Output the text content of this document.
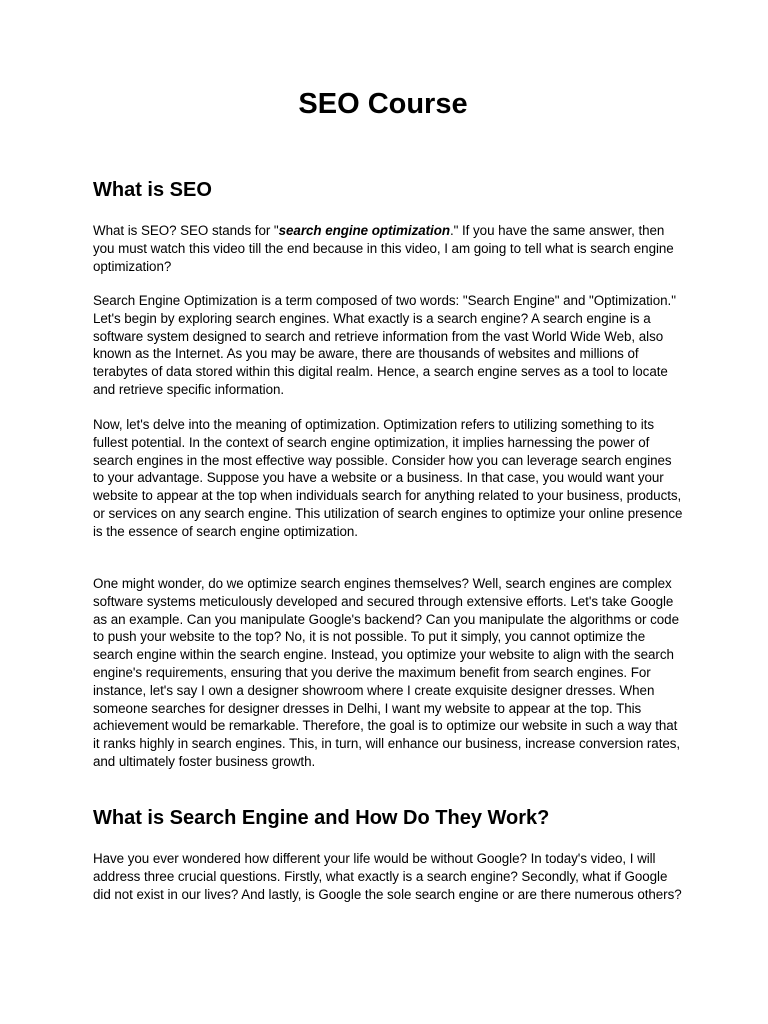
SEO Course
What is SEO

What is SEO? SEO stands for "search engine optimization." If you have the same answer, then you must watch this video till the end because in this video, I am going to tell what is search engine optimization?

Search Engine Optimization is a term composed of two words: "Search Engine" and "Optimization." Let's begin by exploring search engines. What exactly is a search engine? A search engine is a software system designed to search and retrieve information from the vast World Wide Web, also known as the Internet. As you may be aware, there are thousands of websites and millions of terabytes of data stored within this digital realm. Hence, a search engine serves as a tool to locate and retrieve specific information.

Now, let's delve into the meaning of optimization. Optimization refers to utilizing something to its fullest potential. In the context of search engine optimization, it implies harnessing the power of search engines in the most effective way possible. Consider how you can leverage search engines to your advantage. Suppose you have a website or a business. In that case, you would want your website to appear at the top when individuals search for anything related to your business, products, or services on any search engine. This utilization of search engines to optimize your online presence is the essence of search engine optimization.

One might wonder, do we optimize search engines themselves? Well, search engines are complex software systems meticulously developed and secured through extensive efforts. Let's take Google as an example. Can you manipulate Google's backend? Can you manipulate the algorithms or code to push your website to the top? No, it is not possible. To put it simply, you cannot optimize the search engine within the search engine. Instead, you optimize your website to align with the search engine's requirements, ensuring that you derive the maximum benefit from search engines. For instance, let's say I own a designer showroom where I create exquisite designer dresses. When someone searches for designer dresses in Delhi, I want my website to appear at the top. This achievement would be remarkable. Therefore, the goal is to optimize our website in such a way that it ranks highly in search engines. This, in turn, will enhance our business, increase conversion rates, and ultimately foster business growth.

What is Search Engine and How Do They Work?

Have you ever wondered how different your life would be without Google? In today's video, I will address three crucial questions. Firstly, what exactly is a search engine? Secondly, what if Google did not exist in our lives? And lastly, is Google the sole search engine or are there numerous others?
